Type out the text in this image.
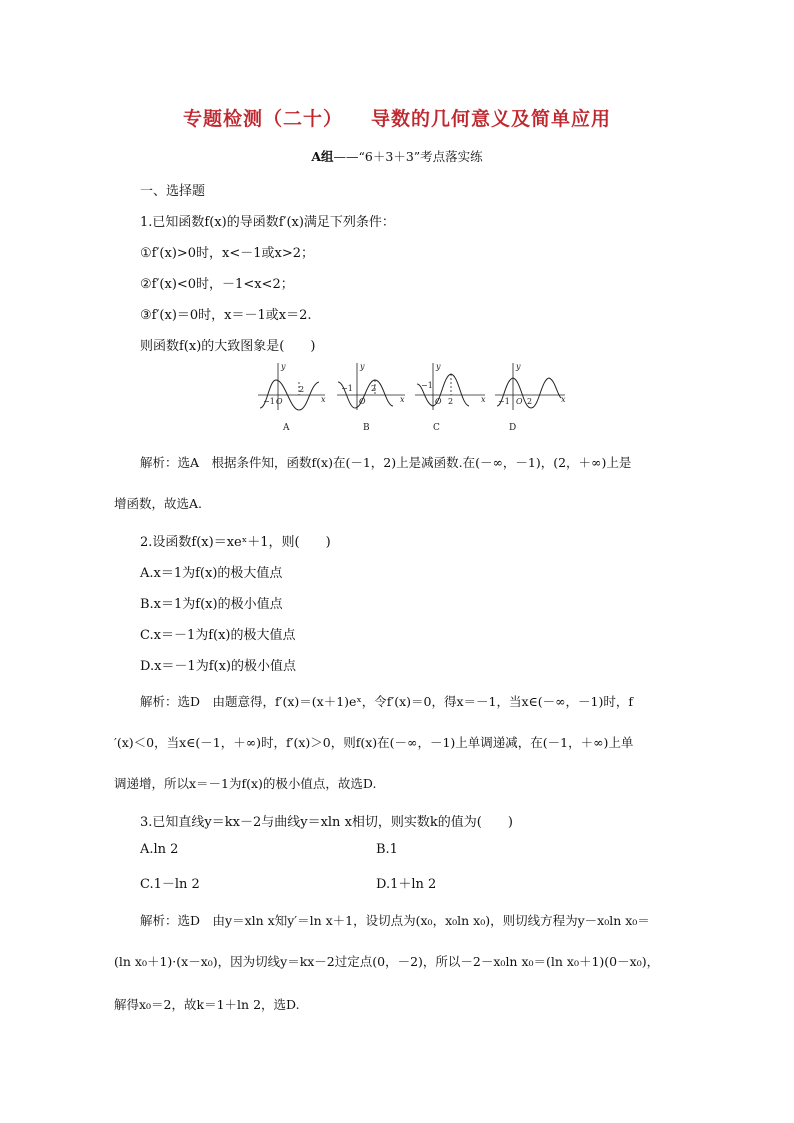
专题检测（二十） 导数的几何意义及简单应用
A组——“6＋3＋3”考点落实练
一、选择题
1.已知函数f(x)的导函数f′(x)满足下列条件：
①f′(x)>0时，x<－1或x>2；
②f′(x)<0时，－1<x<2；
③f′(x)＝0时，x＝－1或x＝2.
则函数f(x)的大致图象是(　　)
y
x
2
−1 O
y
x
−1
O
2
y
x
−1
O 2
y
x
−1 O 2
A	B	C	D
解析：选A　根据条件知，函数f(x)在(－1，2)上是减函数.在(－∞，－1)，(2，＋∞)上是
增函数，故选A.
2.设函数f(x)＝xeˣ＋1，则(　　)
A.x＝1为f(x)的极大值点
B.x＝1为f(x)的极小值点
C.x＝－1为f(x)的极大值点
D.x＝－1为f(x)的极小值点
解析：选D　由题意得，f′(x)＝(x＋1)eˣ，令f′(x)＝0，得x＝－1，当x∈(－∞，－1)时，f
′(x)＜0，当x∈(－1，＋∞)时，f′(x)＞0，则f(x)在(－∞，－1)上单调递减，在(－1，＋∞)上单
调递增，所以x＝－1为f(x)的极小值点，故选D.
3.已知直线y＝kx－2与曲线y＝xln x相切，则实数k的值为(　　)
A.ln 2	B.1
C.1－ln 2	D.1＋ln 2
解析：选D　由y＝xln x知y′＝ln x＋1，设切点为(x₀，x₀ln x₀)，则切线方程为y－x₀ln x₀＝
(ln x₀＋1)·(x－x₀)，因为切线y＝kx－2过定点(0，－2)，所以－2－x₀ln x₀＝(ln x₀＋1)(0－x₀)，
解得x₀＝2，故k＝1＋ln 2，选D.
